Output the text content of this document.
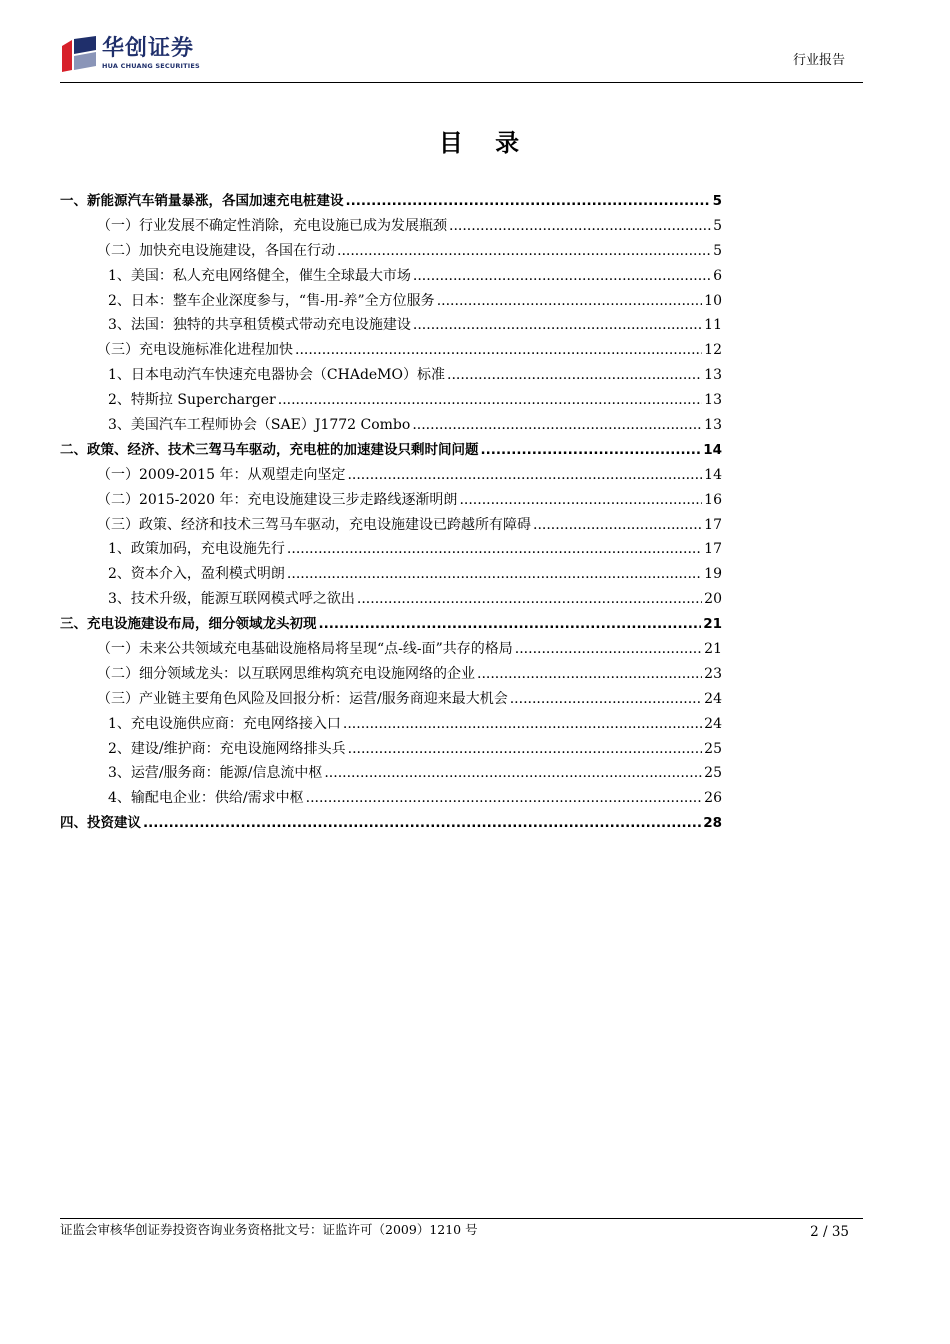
华创证券
HUA CHUANG SECURITIES	行业报告
目 录
一、新能源汽车销量暴涨，各国加速充电桩建设 .....	5
（一）行业发展不确定性消除，充电设施已成为发展瓶颈 .....	5
（二）加快充电设施建设，各国在行动 .....	5
1、美国：私人充电网络健全，催生全球最大市场 .....	6
2、日本：整车企业深度参与，“售-用-养”全方位服务 .....	10
3、法国：独特的共享租赁模式带动充电设施建设 .....	11
（三）充电设施标准化进程加快 .....	12
1、日本电动汽车快速充电器协会（CHAdeMO）标准 .....	13
2、特斯拉 Supercharger .....	13
3、美国汽车工程师协会（SAE）J1772 Combo .....	13
二、政策、经济、技术三驾马车驱动，充电桩的加速建设只剩时间问题 .....	14
（一）2009-2015 年：从观望走向坚定 .....	14
（二）2015-2020 年：充电设施建设三步走路线逐渐明朗 .....	16
（三）政策、经济和技术三驾马车驱动，充电设施建设已跨越所有障碍 .....	17
1、政策加码，充电设施先行 .....	17
2、资本介入，盈利模式明朗 .....	19
3、技术升级，能源互联网模式呼之欲出 .....	20
三、充电设施建设布局，细分领域龙头初现 .....	21
（一）未来公共领域充电基础设施格局将呈现“点-线-面”共存的格局 .....	21
（二）细分领域龙头：以互联网思维构筑充电设施网络的企业 .....	23
（三）产业链主要角色风险及回报分析：运营/服务商迎来最大机会 .....	24
1、充电设施供应商：充电网络接入口 .....	24
2、建设/维护商：充电设施网络排头兵 .....	25
3、运营/服务商：能源/信息流中枢 .....	25
4、输配电企业：供给/需求中枢 .....	26
四、投资建议 .....	28
证监会审核华创证券投资咨询业务资格批文号：证监许可（2009）1210 号	2 / 35
